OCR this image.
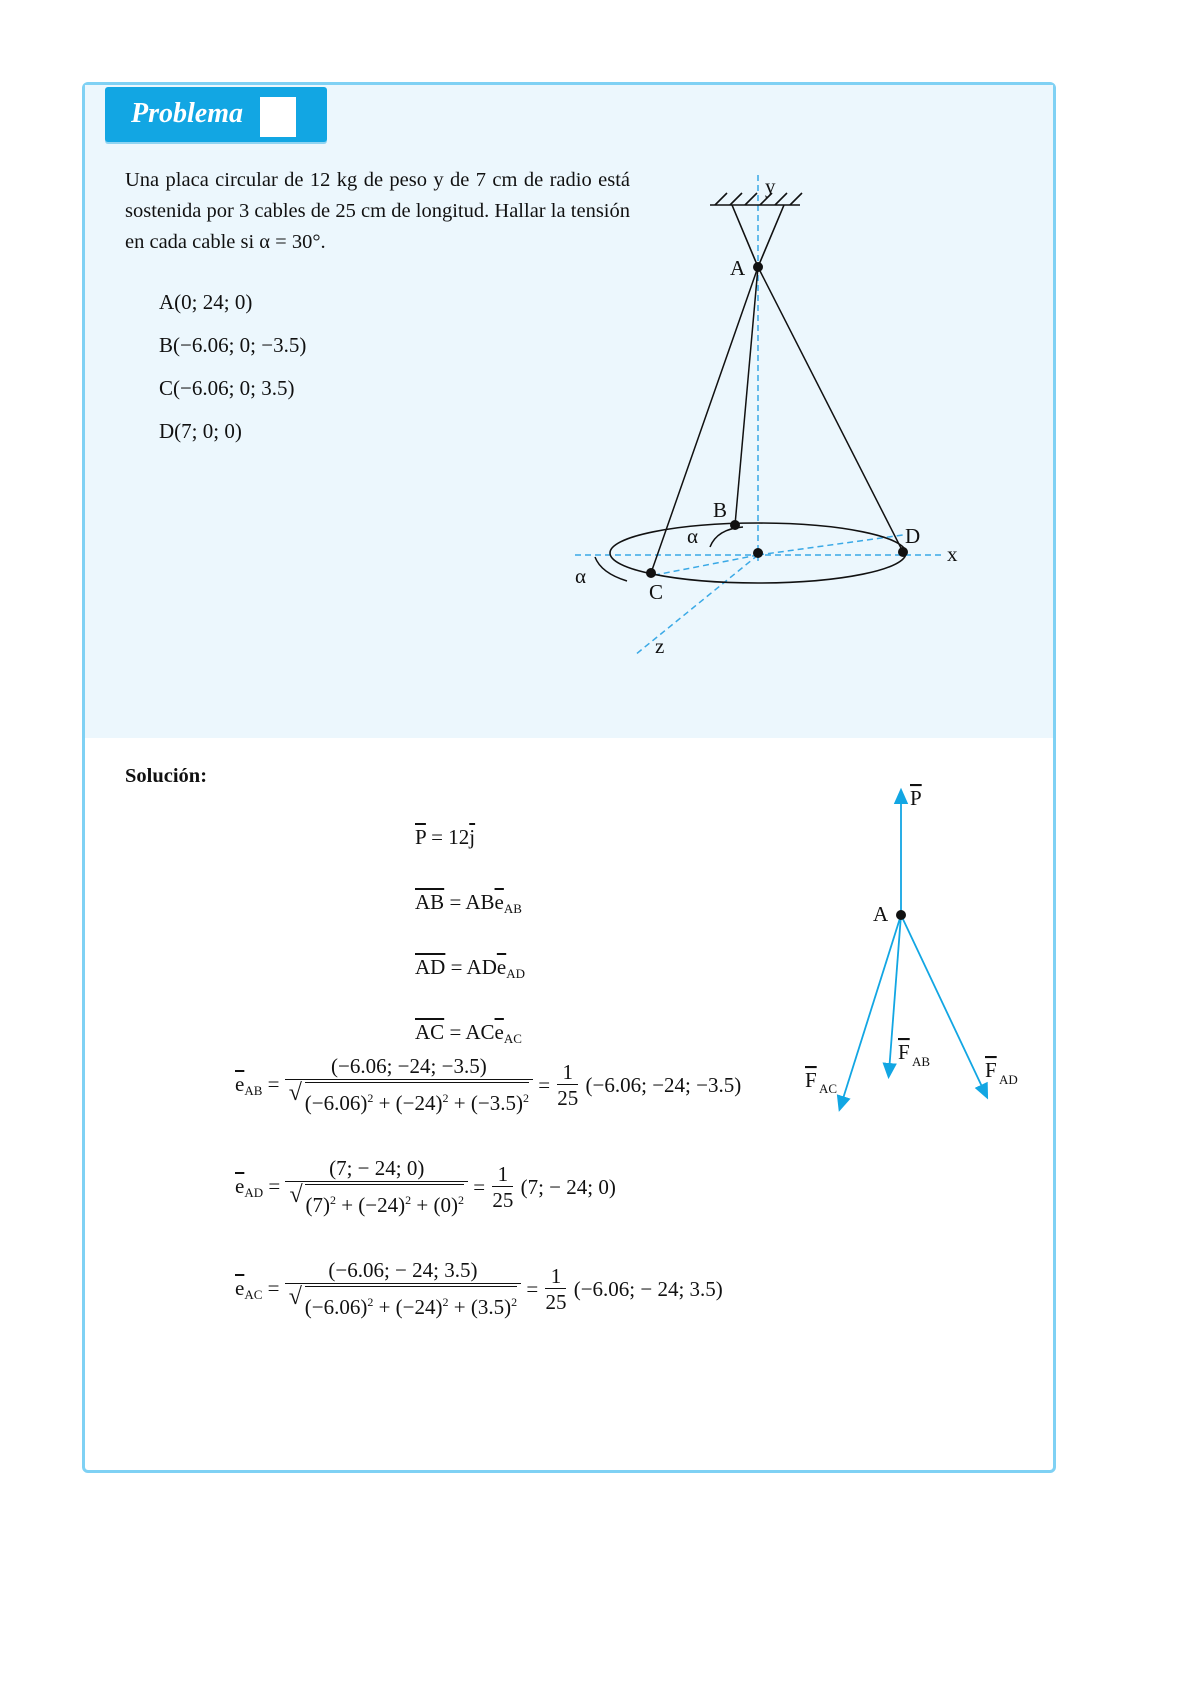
Problema
Una placa circular de 12 kg de peso y de 7 cm de radio está sostenida por 3 cables de 25 cm de longitud. Hallar la tensión en cada cable si α = 30°.
A(0; 24; 0)
B(−6.06; 0; −3.5)
C(−6.06; 0; 3.5)
D(7; 0; 0)
y
x
z
A
B
C
D
α
α
Solución:
$\overline{P} = 12\overline{j}$
$\overline{AB} = AB\overline{e}_{AB}$
$\overline{AD} = AD\overline{e}_{AD}$
$\overline{AC} = AC\overline{e}_{AC}$
P
A
F AC
F AB	F AD
$\overline{e}_{AB} = (-6.06$; −24; −3.5)
√ $(-6.06)^2 + (-24)^2 + (-3.5)^2 = \frac{1}{25} (-6.06$; −24; −3.5)
$\overline{e}_{AD} = (7$; − 24; 0)
√ $(7)^2 + (-24)^2 + (0)^2 = \frac{1}{25} (7$; − 24; 0)
$\overline{e}_{AC} = (-6.06$; − 24; 3.5)
√ $(-6.06)^2 + (-24)^2 + (3.5)^2 = \frac{1}{25} (-6.06$; − 24; 3.5)
